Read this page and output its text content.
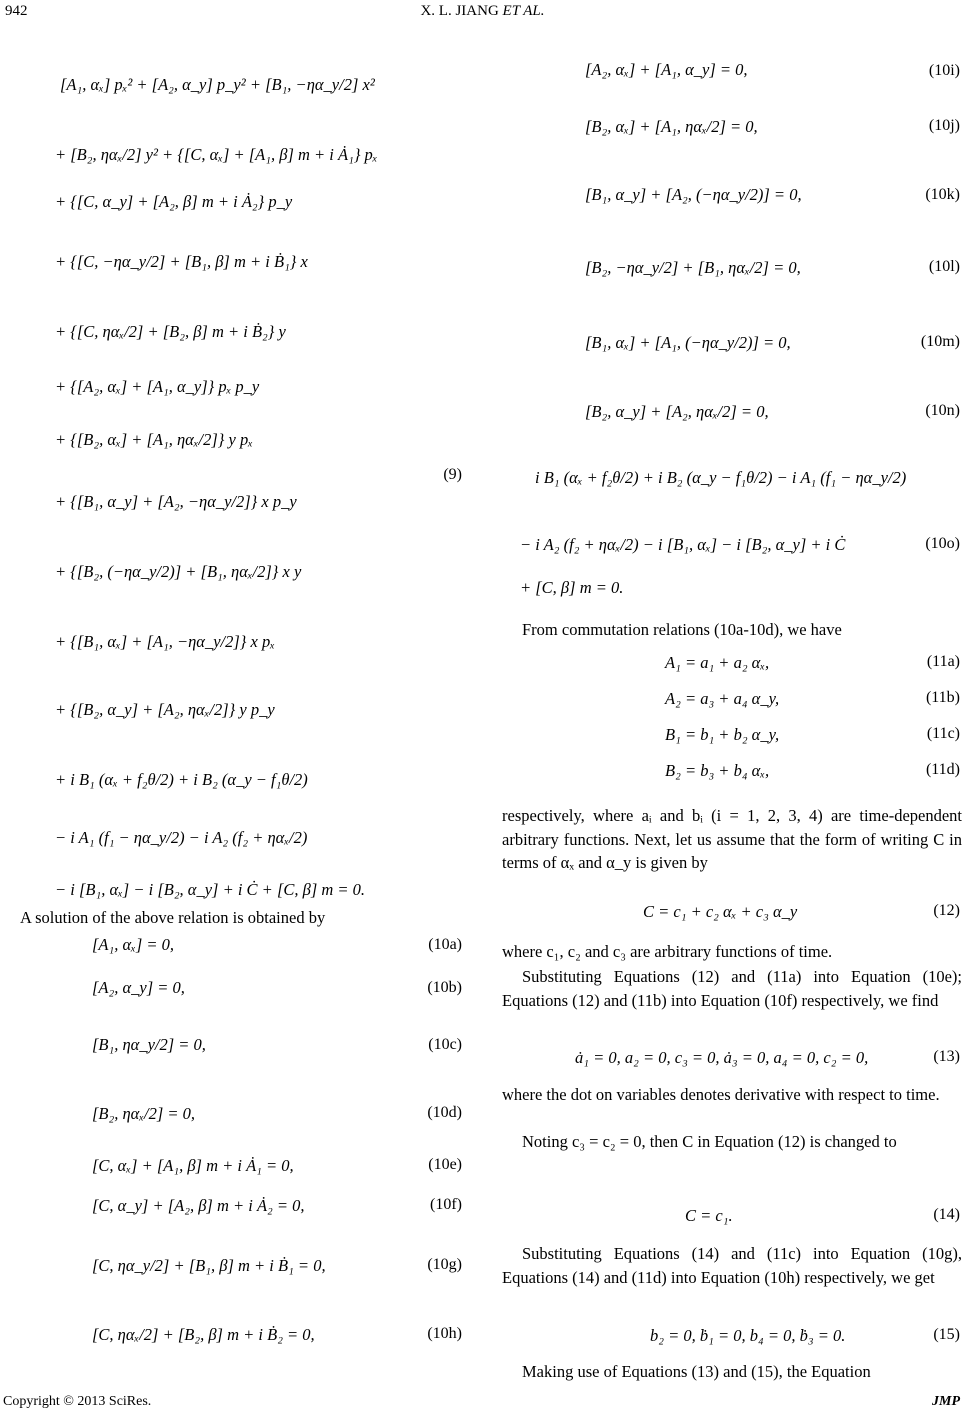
942	X. L. JIANG ET AL.
[A₁, αₓ] pₓ² + [A₂, α_y] p_y² + [B₁, −ηα_y/2] x²
+ [B₂, ηαₓ/2] y² + {[C, αₓ] + [A₁, β] m + i Ȧ₁} pₓ
+ {[C, α_y] + [A₂, β] m + i Ȧ₂} p_y
+ {[C, −ηα_y/2] + [B₁, β] m + i Ḃ₁} x
+ {[C, ηαₓ/2] + [B₂, β] m + i Ḃ₂} y
+ {[A₂, αₓ] + [A₁, α_y]} pₓ p_y
+ {[B₂, αₓ] + [A₁, ηαₓ/2]} y pₓ
+ {[B₁, α_y] + [A₂, −ηα_y/2]} x p_y
+ {[B₂, (−ηα_y/2)] + [B₁, ηαₓ/2]} x y
+ {[B₁, αₓ] + [A₁, −ηα_y/2]} x pₓ
+ {[B₂, α_y] + [A₂, ηαₓ/2]} y p_y
+ i B₁ (αₓ + f₂θ/2) + i B₂ (α_y − f₁θ/2)
− i A₁ (f₁ − ηα_y/2) − i A₂ (f₂ + ηαₓ/2)
− i [B₁, αₓ] − i [B₂, α_y] + i Ċ + [C, β] m = 0.
(9)
A solution of the above relation is obtained by
[A₁, αₓ] = 0,	(10a)
[A₂, α_y] = 0,	(10b)
[B₁, ηα_y/2] = 0,	(10c)
[B₂, ηαₓ/2] = 0,	(10d)
[C, αₓ] + [A₁, β] m + i Ȧ₁ = 0,	(10e)
[C, α_y] + [A₂, β] m + i Ȧ₂ = 0,	(10f)
[C, ηα_y/2] + [B₁, β] m + i Ḃ₁ = 0,	(10g)
[C, ηαₓ/2] + [B₂, β] m + i Ḃ₂ = 0,	(10h)
[A₂, αₓ] + [A₁, α_y] = 0,	(10i)
[B₂, αₓ] + [A₁, ηαₓ/2] = 0,	(10j)
[B₁, α_y] + [A₂, (−ηα_y/2)] = 0,	(10k)
[B₂, −ηα_y/2] + [B₁, ηαₓ/2] = 0,	(10l)
[B₁, αₓ] + [A₁, (−ηα_y/2)] = 0,	(10m)
[B₂, α_y] + [A₂, ηαₓ/2] = 0,	(10n)
i B₁ (αₓ + f₂θ/2) + i B₂ (α_y − f₁θ/2) − i A₁ (f₁ − ηα_y/2)
− i A₂ (f₂ + ηαₓ/2) − i [B₁, αₓ] − i [B₂, α_y] + i Ċ
+ [C, β] m = 0.
(10o)
From commutation relations (10a-10d), we have
A₁ = a₁ + a₂ αₓ,	(11a)
A₂ = a₃ + a₄ α_y,	(11b)
B₁ = b₁ + b₂ α_y,	(11c)
B₂ = b₃ + b₄ αₓ,	(11d)
respectively, where aᵢ and bᵢ (i = 1, 2, 3, 4) are time-dependent arbitrary functions. Next, let us assume that the form of writing C in terms of αₓ and α_y is given by
C = c₁ + c₂ αₓ + c₃ α_y	(12)
where c₁, c₂ and c₃ are arbitrary functions of time.
Substituting Equations (12) and (11a) into Equation (10e); Equations (12) and (11b) into Equation (10f) respectively, we find
ȧ₁ = 0, a₂ = 0, c₃ = 0, ȧ₃ = 0, a₄ = 0, c₂ = 0,	(13)
where the dot on variables denotes derivative with respect to time.
Noting c₃ = c₂ = 0, then C in Equation (12) is changed to
C = c₁.	(14)
Substituting Equations (14) and (11c) into Equation (10g), Equations (14) and (11d) into Equation (10h) respectively, we get
b₂ = 0, ḃ₁ = 0, b₄ = 0, ḃ₃ = 0.	(15)
Making use of Equations (13) and (15), the Equation
Copyright © 2013 SciRes.	JMP
